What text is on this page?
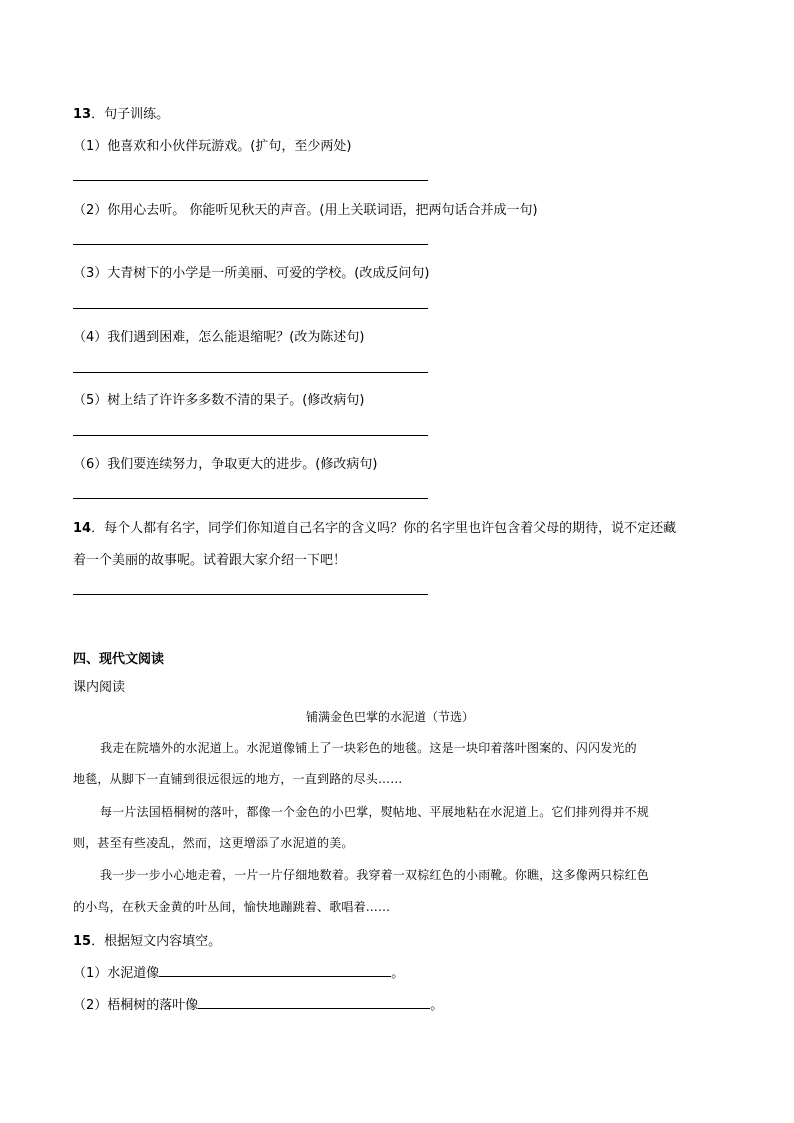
13．句子训练。
（1）他喜欢和小伙伴玩游戏。(扩句，至少两处)
（2）你用心去听。 你能听见秋天的声音。(用上关联词语，把两句话合并成一句)
（3）大青树下的小学是一所美丽、可爱的学校。(改成反问句)
（4）我们遇到困难，怎么能退缩呢？(改为陈述句)
（5）树上结了许许多多数不清的果子。(修改病句)
（6）我们要连续努力，争取更大的进步。(修改病句)
14．每个人都有名字，同学们你知道自己名字的含义吗？你的名字里也许包含着父母的期待，说不定还藏
着一个美丽的故事呢。试着跟大家介绍一下吧！
四、现代文阅读
课内阅读
铺满金色巴掌的水泥道（节选）
我走在院墙外的水泥道上。水泥道像铺上了一块彩色的地毯。这是一块印着落叶图案的、闪闪发光的
地毯，从脚下一直铺到很远很远的地方，一直到路的尽头……
每一片法国梧桐树的落叶，都像一个金色的小巴掌，熨帖地、平展地粘在水泥道上。它们排列得并不规
则，甚至有些凌乱，然而，这更增添了水泥道的美。
我一步一步小心地走着，一片一片仔细地数着。我穿着一双棕红色的小雨靴。你瞧，这多像两只棕红色
的小鸟，在秋天金黄的叶丛间，愉快地蹦跳着、歌唱着……
15．根据短文内容填空。
（1）水泥道像	。
（2）梧桐树的落叶像	。
